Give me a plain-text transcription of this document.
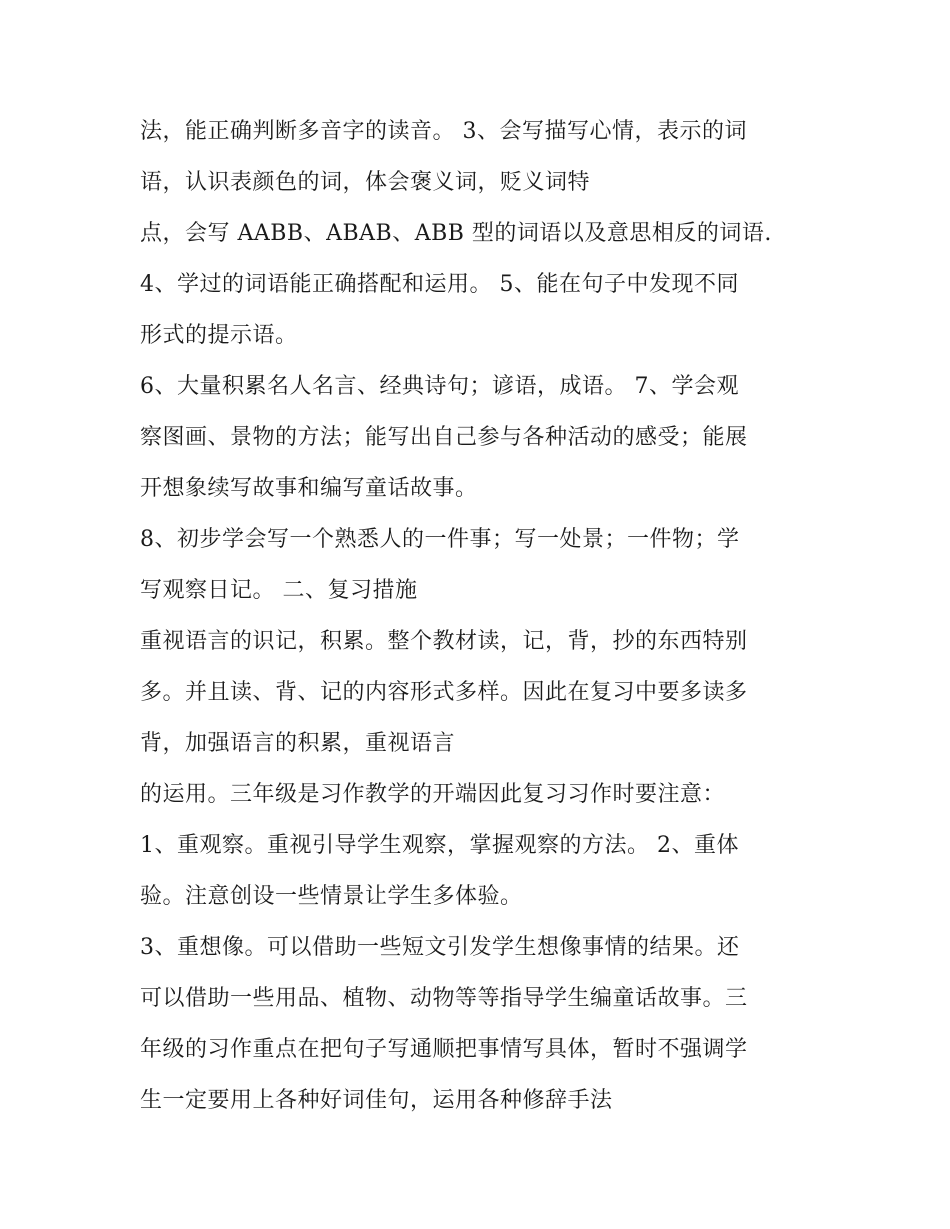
法，能正确判断多音字的读音。 3、会写描写心情，表示的词
语，认识表颜色的词，体会褒义词，贬义词特
点，会写 AABB、ABAB、ABB 型的词语以及意思相反的词语.
4、学过的词语能正确搭配和运用。 5、能在句子中发现不同
形式的提示语。
6、大量积累名人名言、经典诗句；谚语，成语。 7、学会观
察图画、景物的方法；能写出自己参与各种活动的感受；能展
开想象续写故事和编写童话故事。
8、初步学会写一个熟悉人的一件事；写一处景；一件物；学
写观察日记。 二、复习措施
重视语言的识记，积累。整个教材读，记，背，抄的东西特别
多。并且读、背、记的内容形式多样。因此在复习中要多读多
背，加强语言的积累，重视语言
的运用。三年级是习作教学的开端因此复习习作时要注意：
1、重观察。重视引导学生观察，掌握观察的方法。 2、重体
验。注意创设一些情景让学生多体验。
3、重想像。可以借助一些短文引发学生想像事情的结果。还
可以借助一些用品、植物、动物等等指导学生编童话故事。三
年级的习作重点在把句子写通顺把事情写具体，暂时不强调学
生一定要用上各种好词佳句，运用各种修辞手法
